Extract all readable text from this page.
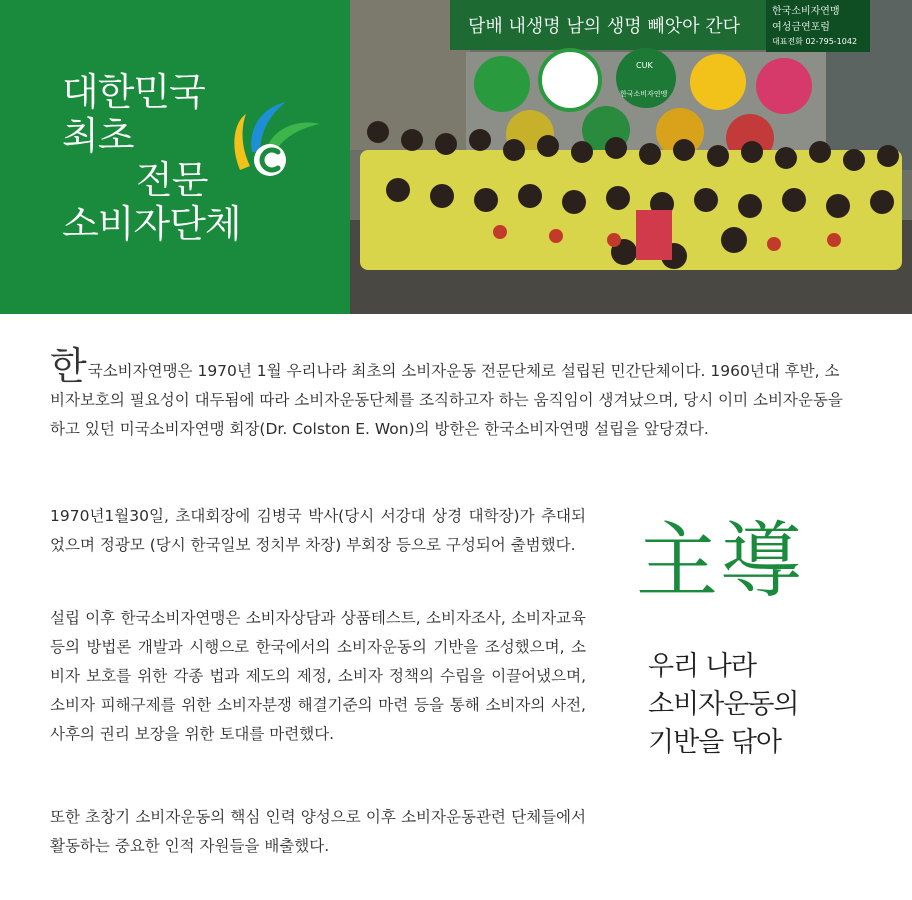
대한민국
최초
전문
소비자단체
담배 내생명 남의 생명 빼앗아 간다
한국소비자연맹
여성금연포럼
대표전화 02-795-1042
CUK
한국소비자연맹

한국소비자연맹은 1970년 1월 우리나라 최초의 소비자운동 전문단체로 설립된 민간단체이다. 1960년대 후반, 소비자보호의 필요성이 대두됨에 따라 소비자운동단체를 조직하고자 하는 움직임이 생겨났으며, 당시 이미 소비자운동을 하고 있던 미국소비자연맹 회장(Dr. Colston E. Won)의 방한은 한국소비자연맹 설립을 앞당겼다.

1970년1월30일, 초대회장에 김병국 박사(당시 서강대 상경 대학장)가 추대되었으며 정광모 (당시 한국일보 정치부 차장) 부회장 등으로 구성되어 출범했다.

설립 이후 한국소비자연맹은 소비자상담과 상품테스트, 소비자조사, 소비자교육 등의 방법론 개발과 시행으로 한국에서의 소비자운동의 기반을 조성했으며, 소비자 보호를 위한 각종 법과 제도의 제정, 소비자 정책의 수립을 이끌어냈으며, 소비자 피해구제를 위한 소비자분쟁 해결기준의 마련 등을 통해 소비자의 사전, 사후의 권리 보장을 위한 토대를 마련했다.

또한 초창기 소비자운동의 핵심 인력 양성으로 이후 소비자운동관련 단체들에서 활동하는 중요한 인적 자원들을 배출했다.

主導
우리 나라
소비자운동의
기반을 닦아
